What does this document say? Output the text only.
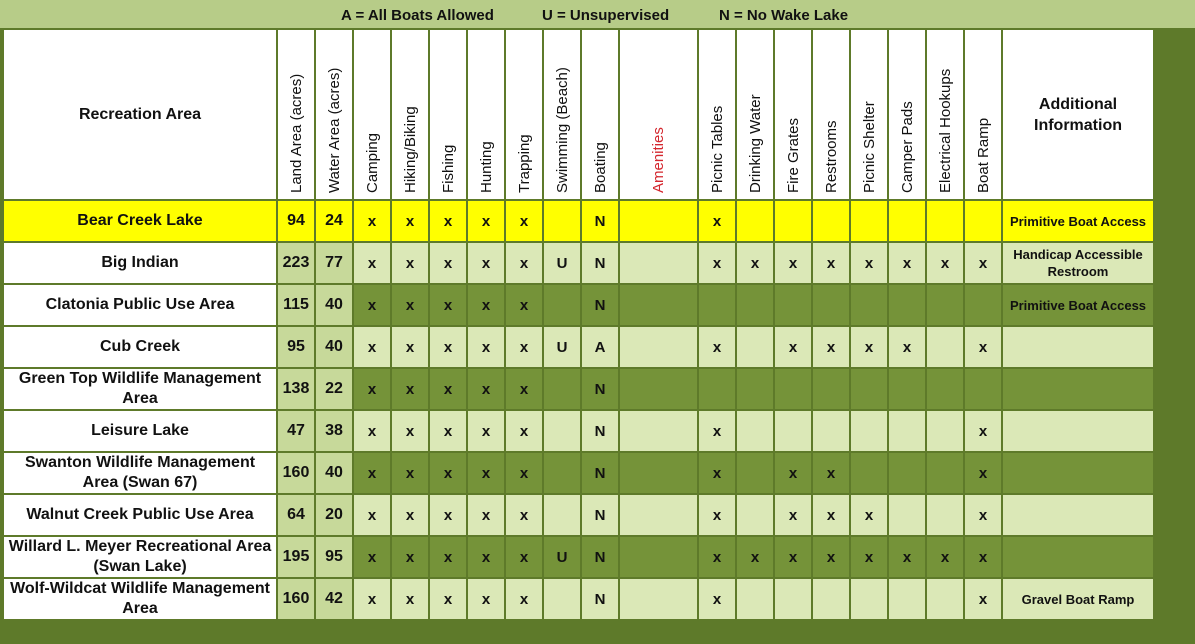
A = All Boats Allowed	U = Unsupervised	N = No Wake Lake
Recreation Area	Land Area (acres)	Water Area (acres)	Camping	Hiking/Biking	Fishing	Hunting	Trapping	Swimming (Beach)	Boating	Amenities	Picnic Tables	Drinking Water	Fire Grates	Restrooms	Picnic Shelter	Camper Pads	Electrical Hookups	Boat Ramp	Additional
Information
Bear Creek Lake	94	24	x	x	x	x	x		N		x								Primitive Boat Access
Big Indian	223	77	x	x	x	x	x	U	N		x	x	x	x	x	x	x	x	Handicap Accessible Restroom
Clatonia Public Use Area	115	40	x	x	x	x	x		N										Primitive Boat Access
Cub Creek	95	40	x	x	x	x	x	U	A		x		x	x	x	x		x	
Green Top Wildlife Management Area	138	22	x	x	x	x	x		N										
Leisure Lake	47	38	x	x	x	x	x		N		x							x	
Swanton Wildlife Management Area (Swan 67)	160	40	x	x	x	x	x		N		x		x	x				x	
Walnut Creek Public Use Area	64	20	x	x	x	x	x		N		x		x	x	x			x	
Willard L. Meyer Recreational Area (Swan Lake)	195	95	x	x	x	x	x	U	N		x	x	x	x	x	x	x	x	
Wolf-Wildcat Wildlife Management Area	160	42	x	x	x	x	x		N		x							x	Gravel Boat Ramp
